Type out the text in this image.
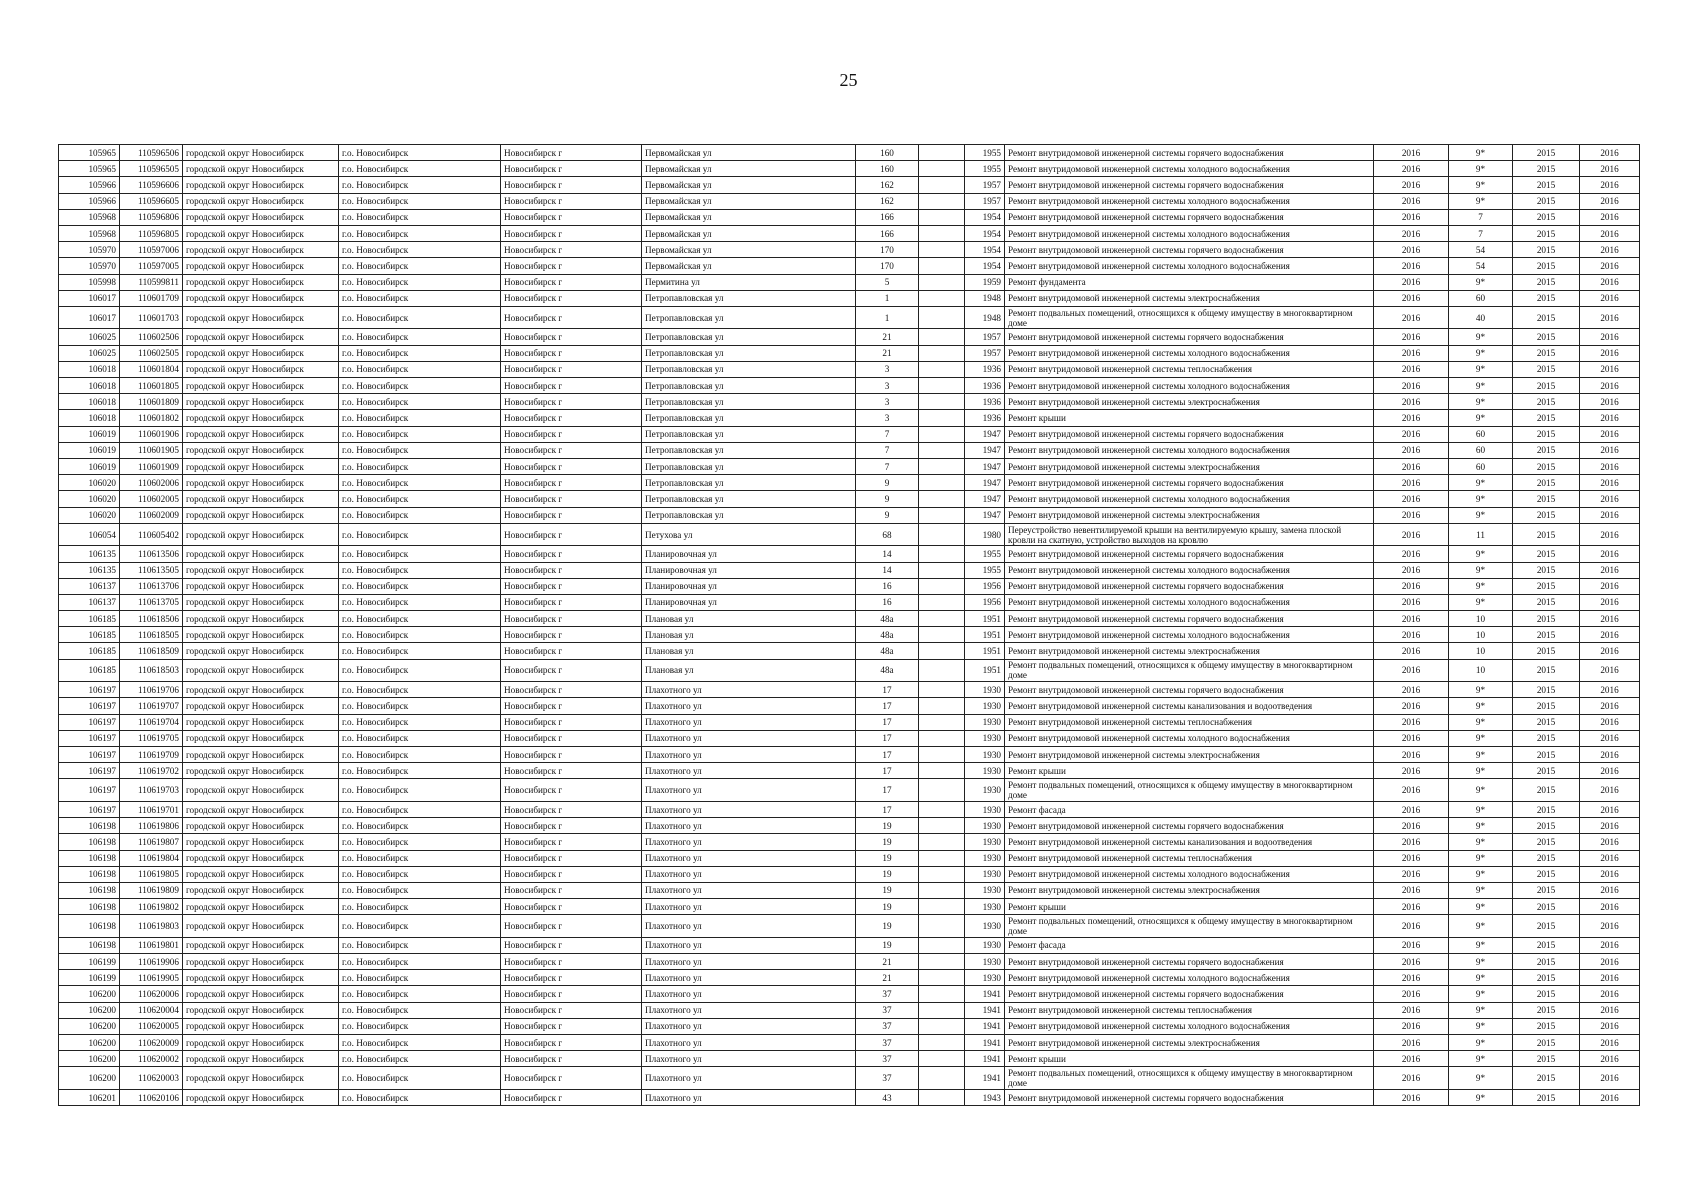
25
105965	110596506	городской округ Новосибирск	г.о. Новосибирск	Новосибирск г	Первомайская ул	160		1955	Ремонт внутридомовой инженерной системы горячего водоснабжения	2016	9*	2015	2016
105965	110596505	городской округ Новосибирск	г.о. Новосибирск	Новосибирск г	Первомайская ул	160		1955	Ремонт внутридомовой инженерной системы холодного водоснабжения	2016	9*	2015	2016
105966	110596606	городской округ Новосибирск	г.о. Новосибирск	Новосибирск г	Первомайская ул	162		1957	Ремонт внутридомовой инженерной системы горячего водоснабжения	2016	9*	2015	2016
105966	110596605	городской округ Новосибирск	г.о. Новосибирск	Новосибирск г	Первомайская ул	162		1957	Ремонт внутридомовой инженерной системы холодного водоснабжения	2016	9*	2015	2016
105968	110596806	городской округ Новосибирск	г.о. Новосибирск	Новосибирск г	Первомайская ул	166		1954	Ремонт внутридомовой инженерной системы горячего водоснабжения	2016	7	2015	2016
105968	110596805	городской округ Новосибирск	г.о. Новосибирск	Новосибирск г	Первомайская ул	166		1954	Ремонт внутридомовой инженерной системы холодного водоснабжения	2016	7	2015	2016
105970	110597006	городской округ Новосибирск	г.о. Новосибирск	Новосибирск г	Первомайская ул	170		1954	Ремонт внутридомовой инженерной системы горячего водоснабжения	2016	54	2015	2016
105970	110597005	городской округ Новосибирск	г.о. Новосибирск	Новосибирск г	Первомайская ул	170		1954	Ремонт внутридомовой инженерной системы холодного водоснабжения	2016	54	2015	2016
105998	110599811	городской округ Новосибирск	г.о. Новосибирск	Новосибирск г	Пермитина ул	5		1959	Ремонт фундамента	2016	9*	2015	2016
106017	110601709	городской округ Новосибирск	г.о. Новосибирск	Новосибирск г	Петропавловская ул	1		1948	Ремонт внутридомовой инженерной системы электроснабжения	2016	60	2015	2016
106017	110601703	городской округ Новосибирск	г.о. Новосибирск	Новосибирск г	Петропавловская ул	1		1948	Ремонт подвальных помещений, относящихся к общему имуществу в многоквартирном доме	2016	40	2015	2016
106025	110602506	городской округ Новосибирск	г.о. Новосибирск	Новосибирск г	Петропавловская ул	21		1957	Ремонт внутридомовой инженерной системы горячего водоснабжения	2016	9*	2015	2016
106025	110602505	городской округ Новосибирск	г.о. Новосибирск	Новосибирск г	Петропавловская ул	21		1957	Ремонт внутридомовой инженерной системы холодного водоснабжения	2016	9*	2015	2016
106018	110601804	городской округ Новосибирск	г.о. Новосибирск	Новосибирск г	Петропавловская ул	3		1936	Ремонт внутридомовой инженерной системы теплоснабжения	2016	9*	2015	2016
106018	110601805	городской округ Новосибирск	г.о. Новосибирск	Новосибирск г	Петропавловская ул	3		1936	Ремонт внутридомовой инженерной системы холодного водоснабжения	2016	9*	2015	2016
106018	110601809	городской округ Новосибирск	г.о. Новосибирск	Новосибирск г	Петропавловская ул	3		1936	Ремонт внутридомовой инженерной системы электроснабжения	2016	9*	2015	2016
106018	110601802	городской округ Новосибирск	г.о. Новосибирск	Новосибирск г	Петропавловская ул	3		1936	Ремонт крыши	2016	9*	2015	2016
106019	110601906	городской округ Новосибирск	г.о. Новосибирск	Новосибирск г	Петропавловская ул	7		1947	Ремонт внутридомовой инженерной системы горячего водоснабжения	2016	60	2015	2016
106019	110601905	городской округ Новосибирск	г.о. Новосибирск	Новосибирск г	Петропавловская ул	7		1947	Ремонт внутридомовой инженерной системы холодного водоснабжения	2016	60	2015	2016
106019	110601909	городской округ Новосибирск	г.о. Новосибирск	Новосибирск г	Петропавловская ул	7		1947	Ремонт внутридомовой инженерной системы электроснабжения	2016	60	2015	2016
106020	110602006	городской округ Новосибирск	г.о. Новосибирск	Новосибирск г	Петропавловская ул	9		1947	Ремонт внутридомовой инженерной системы горячего водоснабжения	2016	9*	2015	2016
106020	110602005	городской округ Новосибирск	г.о. Новосибирск	Новосибирск г	Петропавловская ул	9		1947	Ремонт внутридомовой инженерной системы холодного водоснабжения	2016	9*	2015	2016
106020	110602009	городской округ Новосибирск	г.о. Новосибирск	Новосибирск г	Петропавловская ул	9		1947	Ремонт внутридомовой инженерной системы электроснабжения	2016	9*	2015	2016
106054	110605402	городской округ Новосибирск	г.о. Новосибирск	Новосибирск г	Петухова ул	68		1980	Переустройство невентилируемой крыши на вентилируемую крышу, замена плоской кровли на скатную, устройство выходов на кровлю	2016	11	2015	2016
106135	110613506	городской округ Новосибирск	г.о. Новосибирск	Новосибирск г	Планировочная ул	14		1955	Ремонт внутридомовой инженерной системы горячего водоснабжения	2016	9*	2015	2016
106135	110613505	городской округ Новосибирск	г.о. Новосибирск	Новосибирск г	Планировочная ул	14		1955	Ремонт внутридомовой инженерной системы холодного водоснабжения	2016	9*	2015	2016
106137	110613706	городской округ Новосибирск	г.о. Новосибирск	Новосибирск г	Планировочная ул	16		1956	Ремонт внутридомовой инженерной системы горячего водоснабжения	2016	9*	2015	2016
106137	110613705	городской округ Новосибирск	г.о. Новосибирск	Новосибирск г	Планировочная ул	16		1956	Ремонт внутридомовой инженерной системы холодного водоснабжения	2016	9*	2015	2016
106185	110618506	городской округ Новосибирск	г.о. Новосибирск	Новосибирск г	Плановая ул	48а		1951	Ремонт внутридомовой инженерной системы горячего водоснабжения	2016	10	2015	2016
106185	110618505	городской округ Новосибирск	г.о. Новосибирск	Новосибирск г	Плановая ул	48а		1951	Ремонт внутридомовой инженерной системы холодного водоснабжения	2016	10	2015	2016
106185	110618509	городской округ Новосибирск	г.о. Новосибирск	Новосибирск г	Плановая ул	48а		1951	Ремонт внутридомовой инженерной системы электроснабжения	2016	10	2015	2016
106185	110618503	городской округ Новосибирск	г.о. Новосибирск	Новосибирск г	Плановая ул	48а		1951	Ремонт подвальных помещений, относящихся к общему имуществу в многоквартирном доме	2016	10	2015	2016
106197	110619706	городской округ Новосибирск	г.о. Новосибирск	Новосибирск г	Плахотного ул	17		1930	Ремонт внутридомовой инженерной системы горячего водоснабжения	2016	9*	2015	2016
106197	110619707	городской округ Новосибирск	г.о. Новосибирск	Новосибирск г	Плахотного ул	17		1930	Ремонт внутридомовой инженерной системы канализования и водоотведения	2016	9*	2015	2016
106197	110619704	городской округ Новосибирск	г.о. Новосибирск	Новосибирск г	Плахотного ул	17		1930	Ремонт внутридомовой инженерной системы теплоснабжения	2016	9*	2015	2016
106197	110619705	городской округ Новосибирск	г.о. Новосибирск	Новосибирск г	Плахотного ул	17		1930	Ремонт внутридомовой инженерной системы холодного водоснабжения	2016	9*	2015	2016
106197	110619709	городской округ Новосибирск	г.о. Новосибирск	Новосибирск г	Плахотного ул	17		1930	Ремонт внутридомовой инженерной системы электроснабжения	2016	9*	2015	2016
106197	110619702	городской округ Новосибирск	г.о. Новосибирск	Новосибирск г	Плахотного ул	17		1930	Ремонт крыши	2016	9*	2015	2016
106197	110619703	городской округ Новосибирск	г.о. Новосибирск	Новосибирск г	Плахотного ул	17		1930	Ремонт подвальных помещений, относящихся к общему имуществу в многоквартирном доме	2016	9*	2015	2016
106197	110619701	городской округ Новосибирск	г.о. Новосибирск	Новосибирск г	Плахотного ул	17		1930	Ремонт фасада	2016	9*	2015	2016
106198	110619806	городской округ Новосибирск	г.о. Новосибирск	Новосибирск г	Плахотного ул	19		1930	Ремонт внутридомовой инженерной системы горячего водоснабжения	2016	9*	2015	2016
106198	110619807	городской округ Новосибирск	г.о. Новосибирск	Новосибирск г	Плахотного ул	19		1930	Ремонт внутридомовой инженерной системы канализования и водоотведения	2016	9*	2015	2016
106198	110619804	городской округ Новосибирск	г.о. Новосибирск	Новосибирск г	Плахотного ул	19		1930	Ремонт внутридомовой инженерной системы теплоснабжения	2016	9*	2015	2016
106198	110619805	городской округ Новосибирск	г.о. Новосибирск	Новосибирск г	Плахотного ул	19		1930	Ремонт внутридомовой инженерной системы холодного водоснабжения	2016	9*	2015	2016
106198	110619809	городской округ Новосибирск	г.о. Новосибирск	Новосибирск г	Плахотного ул	19		1930	Ремонт внутридомовой инженерной системы электроснабжения	2016	9*	2015	2016
106198	110619802	городской округ Новосибирск	г.о. Новосибирск	Новосибирск г	Плахотного ул	19		1930	Ремонт крыши	2016	9*	2015	2016
106198	110619803	городской округ Новосибирск	г.о. Новосибирск	Новосибирск г	Плахотного ул	19		1930	Ремонт подвальных помещений, относящихся к общему имуществу в многоквартирном доме	2016	9*	2015	2016
106198	110619801	городской округ Новосибирск	г.о. Новосибирск	Новосибирск г	Плахотного ул	19		1930	Ремонт фасада	2016	9*	2015	2016
106199	110619906	городской округ Новосибирск	г.о. Новосибирск	Новосибирск г	Плахотного ул	21		1930	Ремонт внутридомовой инженерной системы горячего водоснабжения	2016	9*	2015	2016
106199	110619905	городской округ Новосибирск	г.о. Новосибирск	Новосибирск г	Плахотного ул	21		1930	Ремонт внутридомовой инженерной системы холодного водоснабжения	2016	9*	2015	2016
106200	110620006	городской округ Новосибирск	г.о. Новосибирск	Новосибирск г	Плахотного ул	37		1941	Ремонт внутридомовой инженерной системы горячего водоснабжения	2016	9*	2015	2016
106200	110620004	городской округ Новосибирск	г.о. Новосибирск	Новосибирск г	Плахотного ул	37		1941	Ремонт внутридомовой инженерной системы теплоснабжения	2016	9*	2015	2016
106200	110620005	городской округ Новосибирск	г.о. Новосибирск	Новосибирск г	Плахотного ул	37		1941	Ремонт внутридомовой инженерной системы холодного водоснабжения	2016	9*	2015	2016
106200	110620009	городской округ Новосибирск	г.о. Новосибирск	Новосибирск г	Плахотного ул	37		1941	Ремонт внутридомовой инженерной системы электроснабжения	2016	9*	2015	2016
106200	110620002	городской округ Новосибирск	г.о. Новосибирск	Новосибирск г	Плахотного ул	37		1941	Ремонт крыши	2016	9*	2015	2016
106200	110620003	городской округ Новосибирск	г.о. Новосибирск	Новосибирск г	Плахотного ул	37		1941	Ремонт подвальных помещений, относящихся к общему имуществу в многоквартирном доме	2016	9*	2015	2016
106201	110620106	городской округ Новосибирск	г.о. Новосибирск	Новосибирск г	Плахотного ул	43		1943	Ремонт внутридомовой инженерной системы горячего водоснабжения	2016	9*	2015	2016
